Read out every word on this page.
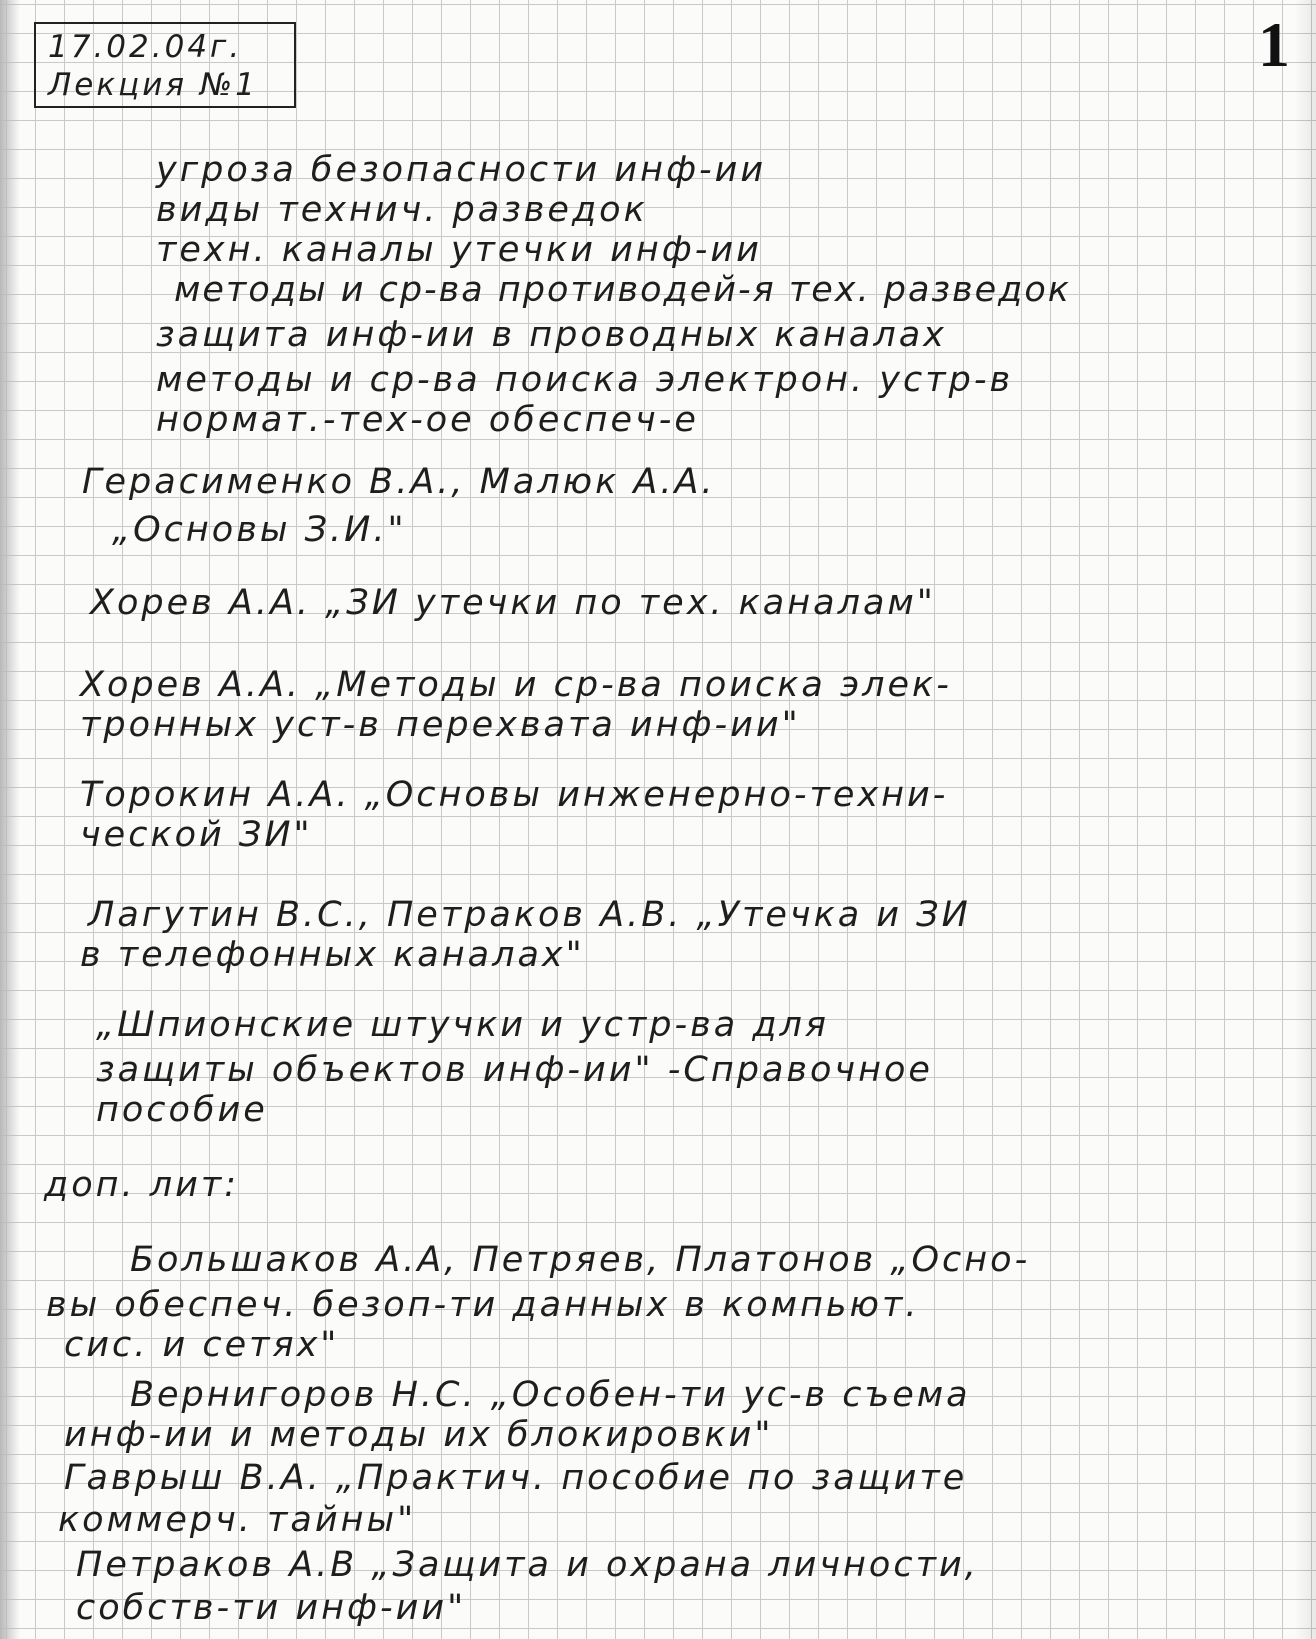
1

17.02.04г.

Лекция №1

угроза безопасности инф-ии

виды технич. разведок

техн. каналы утечки инф-ии

методы и ср-ва противодей-я тех. разведок

защита инф-ии в проводных каналах

методы и ср-ва поиска электрон. устр-в

нормат.-тех-ое обеспеч-е

Герасименко В.А., Малюк А.А.

„Основы З.И."

Хорев А.А. „ЗИ утечки по тех. каналам"

Хорев А.А. „Методы и ср-ва поиска элек-

тронных уст-в перехвата инф-ии"

Торокин А.А. „Основы инженерно-техни-

ческой ЗИ"

Лагутин В.С., Петраков А.В. „Утечка и ЗИ

в телефонных каналах"

„Шпионские штучки и устр-ва для

защиты объектов инф-ии" -Справочное

пособие

доп. лит:

Большаков А.А, Петряев, Платонов „Осно-

вы обеспеч. безоп-ти данных в компьют.

сис. и сетях"

Вернигоров Н.С. „Особен-ти ус-в съема

инф-ии и методы их блокировки"

Гаврыш В.А. „Практич. пособие по защите

коммерч. тайны"

Петраков А.В „Защита и охрана личности,

собств-ти инф-ии"
